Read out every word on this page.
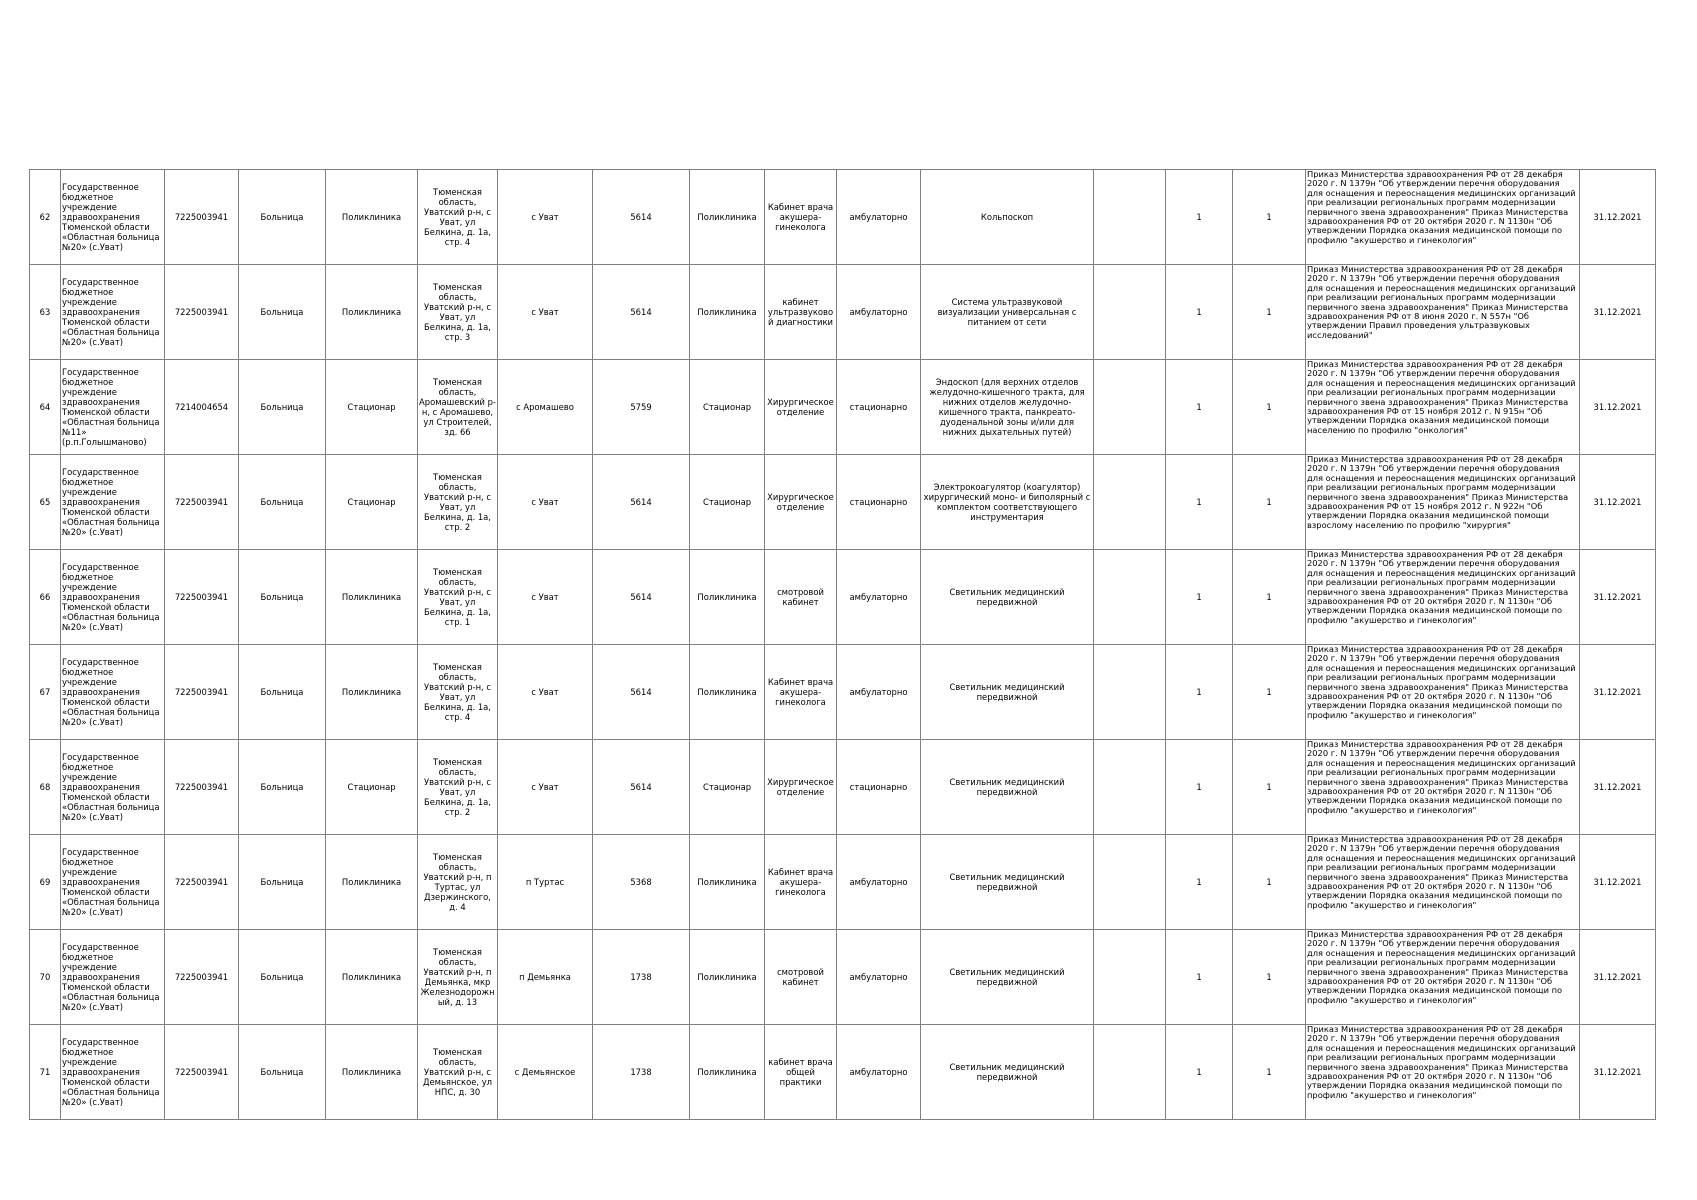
62	Государственное бюджетное учреждение здравоохранения Тюменской области «Областная больница №20» (с.Уват)	7225003941	Больница	Поликлиника	Тюменская область, Уватский р-н, с Уват, ул Белкина, д. 1а, стр. 4	с Уват	5614	Поликлиника	Кабинет врача акушера-гинеколога	амбулаторно	Кольпоскоп		1	1	Приказ Министерства здравоохранения РФ от 28 декабря 2020 г. N 1379н "Об утверждении перечня оборудования для оснащения и переоснащения медицинских организаций при реализации региональных программ модернизации первичного звена здравоохранения" Приказ Министерства здравоохранения РФ от 20 октября 2020 г. N 1130н "Об утверждении Порядка оказания медицинской помощи по профилю "акушерство и гинекология"	31.12.2021
63	Государственное бюджетное учреждение здравоохранения Тюменской области «Областная больница №20» (с.Уват)	7225003941	Больница	Поликлиника	Тюменская область, Уватский р-н, с Уват, ул Белкина, д. 1а, стр. 3	с Уват	5614	Поликлиника	кабинет ультразвуково й диагностики	амбулаторно	Система ультразвуковой визуализации универсальная с питанием от сети		1	1	Приказ Министерства здравоохранения РФ от 28 декабря 2020 г. N 1379н "Об утверждении перечня оборудования для оснащения и переоснащения медицинских организаций при реализации региональных программ модернизации первичного звена здравоохранения" Приказ Министерства здравоохранения РФ от 8 июня 2020 г. N 557н "Об утверждении Правил проведения ультразвуковых исследований"	31.12.2021
64	Государственное бюджетное учреждение здравоохранения Тюменской области «Областная больница №11» (р.п.Голышманово)	7214004654	Больница	Стационар	Тюменская область, Аромашевский р-н, с Аромашево, ул Строителей, зд. 66	с Аромашево	5759	Стационар	Хирургическое отделение	стационарно	Эндоскоп (для верхних отделов желудочно-кишечного тракта, для нижних отделов желудочно-кишечного тракта, панкреато-дуоденальной зоны и/или для нижних дыхательных путей)		1	1	Приказ Министерства здравоохранения РФ от 28 декабря 2020 г. N 1379н "Об утверждении перечня оборудования для оснащения и переоснащения медицинских организаций при реализации региональных программ модернизации первичного звена здравоохранения" Приказ Министерства здравоохранения РФ от 15 ноября 2012 г. N 915н "Об утверждении Порядка оказания медицинской помощи населению по профилю "онкология"	31.12.2021
65	Государственное бюджетное учреждение здравоохранения Тюменской области «Областная больница №20» (с.Уват)	7225003941	Больница	Стационар	Тюменская область, Уватский р-н, с Уват, ул Белкина, д. 1а, стр. 2	с Уват	5614	Стационар	Хирургическое отделение	стационарно	Электрокоагулятор (коагулятор) хирургический моно- и биполярный с комплектом соответствующего инструментария		1	1	Приказ Министерства здравоохранения РФ от 28 декабря 2020 г. N 1379н "Об утверждении перечня оборудования для оснащения и переоснащения медицинских организаций при реализации региональных программ модернизации первичного звена здравоохранения" Приказ Министерства здравоохранения РФ от 15 ноября 2012 г. N 922н "Об утверждении Порядка оказания медицинской помощи взрослому населению по профилю "хирургия"	31.12.2021
66	Государственное бюджетное учреждение здравоохранения Тюменской области «Областная больница №20» (с.Уват)	7225003941	Больница	Поликлиника	Тюменская область, Уватский р-н, с Уват, ул Белкина, д. 1а, стр. 1	с Уват	5614	Поликлиника	смотровой кабинет	амбулаторно	Светильник медицинский передвижной		1	1	Приказ Министерства здравоохранения РФ от 28 декабря 2020 г. N 1379н "Об утверждении перечня оборудования для оснащения и переоснащения медицинских организаций при реализации региональных программ модернизации первичного звена здравоохранения" Приказ Министерства здравоохранения РФ от 20 октября 2020 г. N 1130н "Об утверждении Порядка оказания медицинской помощи по профилю "акушерство и гинекология"	31.12.2021
67	Государственное бюджетное учреждение здравоохранения Тюменской области «Областная больница №20» (с.Уват)	7225003941	Больница	Поликлиника	Тюменская область, Уватский р-н, с Уват, ул Белкина, д. 1а, стр. 4	с Уват	5614	Поликлиника	Кабинет врача акушера-гинеколога	амбулаторно	Светильник медицинский передвижной		1	1	Приказ Министерства здравоохранения РФ от 28 декабря 2020 г. N 1379н "Об утверждении перечня оборудования для оснащения и переоснащения медицинских организаций при реализации региональных программ модернизации первичного звена здравоохранения" Приказ Министерства здравоохранения РФ от 20 октября 2020 г. N 1130н "Об утверждении Порядка оказания медицинской помощи по профилю "акушерство и гинекология"	31.12.2021
68	Государственное бюджетное учреждение здравоохранения Тюменской области «Областная больница №20» (с.Уват)	7225003941	Больница	Стационар	Тюменская область, Уватский р-н, с Уват, ул Белкина, д. 1а, стр. 2	с Уват	5614	Стационар	Хирургическое отделение	стационарно	Светильник медицинский передвижной		1	1	Приказ Министерства здравоохранения РФ от 28 декабря 2020 г. N 1379н "Об утверждении перечня оборудования для оснащения и переоснащения медицинских организаций при реализации региональных программ модернизации первичного звена здравоохранения" Приказ Министерства здравоохранения РФ от 20 октября 2020 г. N 1130н "Об утверждении Порядка оказания медицинской помощи по профилю "акушерство и гинекология"	31.12.2021
69	Государственное бюджетное учреждение здравоохранения Тюменской области «Областная больница №20» (с.Уват)	7225003941	Больница	Поликлиника	Тюменская область, Уватский р-н, п Туртас, ул Дзержинского, д. 4	п Туртас	5368	Поликлиника	Кабинет врача акушера-гинеколога	амбулаторно	Светильник медицинский передвижной		1	1	Приказ Министерства здравоохранения РФ от 28 декабря 2020 г. N 1379н "Об утверждении перечня оборудования для оснащения и переоснащения медицинских организаций при реализации региональных программ модернизации первичного звена здравоохранения" Приказ Министерства здравоохранения РФ от 20 октября 2020 г. N 1130н "Об утверждении Порядка оказания медицинской помощи по профилю "акушерство и гинекология"	31.12.2021
70	Государственное бюджетное учреждение здравоохранения Тюменской области «Областная больница №20» (с.Уват)	7225003941	Больница	Поликлиника	Тюменская область, Уватский р-н, п Демьянка, мкр Железнодорожный, д. 13	п Демьянка	1738	Поликлиника	смотровой кабинет	амбулаторно	Светильник медицинский передвижной		1	1	Приказ Министерства здравоохранения РФ от 28 декабря 2020 г. N 1379н "Об утверждении перечня оборудования для оснащения и переоснащения медицинских организаций при реализации региональных программ модернизации первичного звена здравоохранения" Приказ Министерства здравоохранения РФ от 20 октября 2020 г. N 1130н "Об утверждении Порядка оказания медицинской помощи по профилю "акушерство и гинекология"	31.12.2021
71	Государственное бюджетное учреждение здравоохранения Тюменской области «Областная больница №20» (с.Уват)	7225003941	Больница	Поликлиника	Тюменская область, Уватский р-н, с Демьянское, ул НПС, д. 30	с Демьянское	1738	Поликлиника	кабинет врача общей практики	амбулаторно	Светильник медицинский передвижной		1	1	Приказ Министерства здравоохранения РФ от 28 декабря 2020 г. N 1379н "Об утверждении перечня оборудования для оснащения и переоснащения медицинских организаций при реализации региональных программ модернизации первичного звена здравоохранения" Приказ Министерства здравоохранения РФ от 20 октября 2020 г. N 1130н "Об утверждении Порядка оказания медицинской помощи по профилю "акушерство и гинекология"	31.12.2021
